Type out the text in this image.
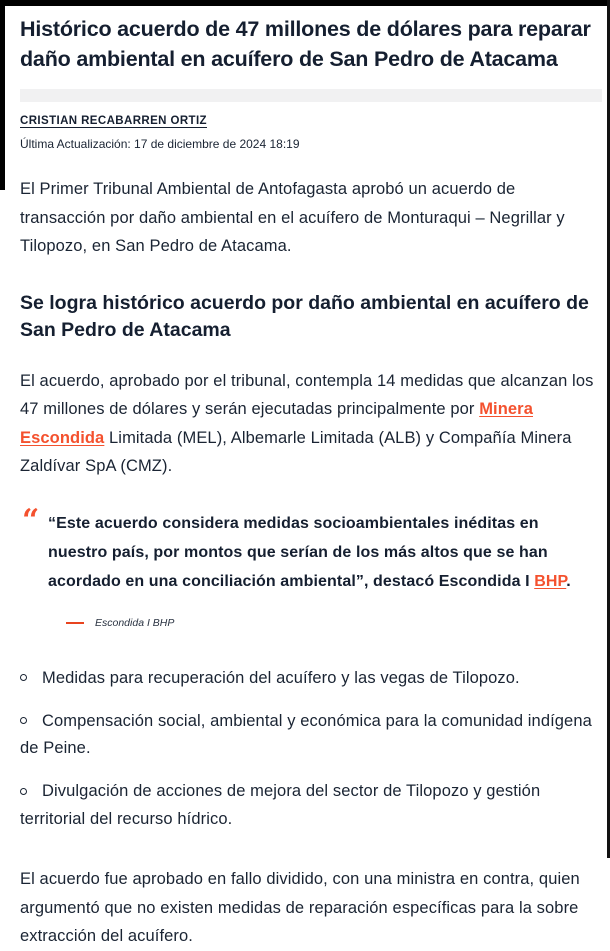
Histórico acuerdo de 47 millones de dólares para reparar daño ambiental en acuífero de San Pedro de Atacama
CRISTIAN RECABARREN ORTIZ
Última Actualización: 17 de diciembre de 2024 18:19

El Primer Tribunal Ambiental de Antofagasta aprobó un acuerdo de transacción por daño ambiental en el acuífero de Monturaqui – Negrillar y Tilopozo, en San Pedro de Atacama.

Se logra histórico acuerdo por daño ambiental en acuífero de San Pedro de Atacama

El acuerdo, aprobado por el tribunal, contempla 14 medidas que alcanzan los 47 millones de dólares y serán ejecutadas principalmente por Minera Escondida Limitada (MEL), Albemarle Limitada (ALB) y Compañía Minera Zaldívar SpA (CMZ).

“ “Este acuerdo considera medidas socioambientales inéditas en nuestro país, por montos que serían de los más altos que se han acordado en una conciliación ambiental”, destacó Escondida I BHP.
Escondida I BHP
Medidas para recuperación del acuífero y las vegas de Tilopozo.
Compensación social, ambiental y económica para la comunidad indígena de Peine.
Divulgación de acciones de mejora del sector de Tilopozo y gestión territorial del recurso hídrico.

El acuerdo fue aprobado en fallo dividido, con una ministra en contra, quien argumentó que no existen medidas de reparación específicas para la sobre extracción del acuífero.
